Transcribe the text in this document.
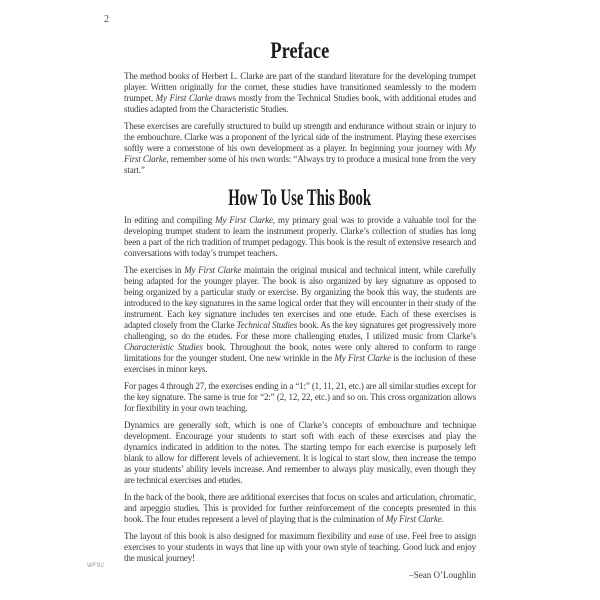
2
Preface

The method books of Herbert L. Clarke are part of the standard literature for the developing trumpet player. Written originally for the cornet, these studies have transitioned seamlessly to the modern trumpet. My First Clarke draws mostly from the Technical Studies book, with additional etudes and studies adapted from the Characteristic Studies.

These exercises are carefully structured to build up strength and endurance without strain or injury to the embouchure. Clarke was a proponent of the lyrical side of the instrument. Playing these exercises softly were a cornerstone of his own development as a player. In beginning your journey with My First Clarke, remember some of his own words: “Always try to produce a musical tone from the very start.”

How To Use This Book

In editing and compiling My First Clarke, my primary goal was to provide a valuable tool for the developing trumpet student to learn the instrument properly. Clarke’s collection of studies has long been a part of the rich tradition of trumpet pedagogy. This book is the result of extensive research and conversations with today’s trumpet teachers.

The exercises in My First Clarke maintain the original musical and technical intent, while carefully being adapted for the younger player. The book is also organized by key signature as opposed to being organized by a particular study or exercise. By organizing the book this way, the students are introduced to the key signatures in the same logical order that they will encounter in their study of the instrument. Each key signature includes ten exercises and one etude. Each of these exercises is adapted closely from the Clarke Technical Studies book. As the key signatures get progressively more challenging, so do the etudes. For these more challenging etudes, I utilized music from Clarke’s Characteristic Studies book. Throughout the book, notes were only altered to conform to range limitations for the younger student. One new wrinkle in the My First Clarke is the inclusion of these exercises in minor keys.

For pages 4 through 27, the exercises ending in a “1:” (1, 11, 21, etc.) are all similar studies except for the key signature. The same is true for “2:” (2, 12, 22, etc.) and so on. This cross organization allows for flexibility in your own teaching.

Dynamics are generally soft, which is one of Clarke’s concepts of embouchure and technique development. Encourage your students to start soft with each of these exercises and play the dynamics indicated in addition to the notes. The starting tempo for each exercise is purposely left blank to allow for different levels of achievement. It is logical to start slow, then increase the tempo as your students’ ability levels increase. And remember to always play musically, even though they are technical exercises and etudes.

In the back of the book, there are additional exercises that focus on scales and articulation, chromatic, and arpeggio studies. This is provided for further reinforcement of the concepts presented in this book. The four etudes represent a level of playing that is the culmination of My First Clarke.

The layout of this book is also designed for maximum flexibility and ease of use. Feel free to assign exercises to your students in ways that line up with your own style of teaching. Good luck and enjoy the musical journey!

–Sean O’Loughlin
WF92
